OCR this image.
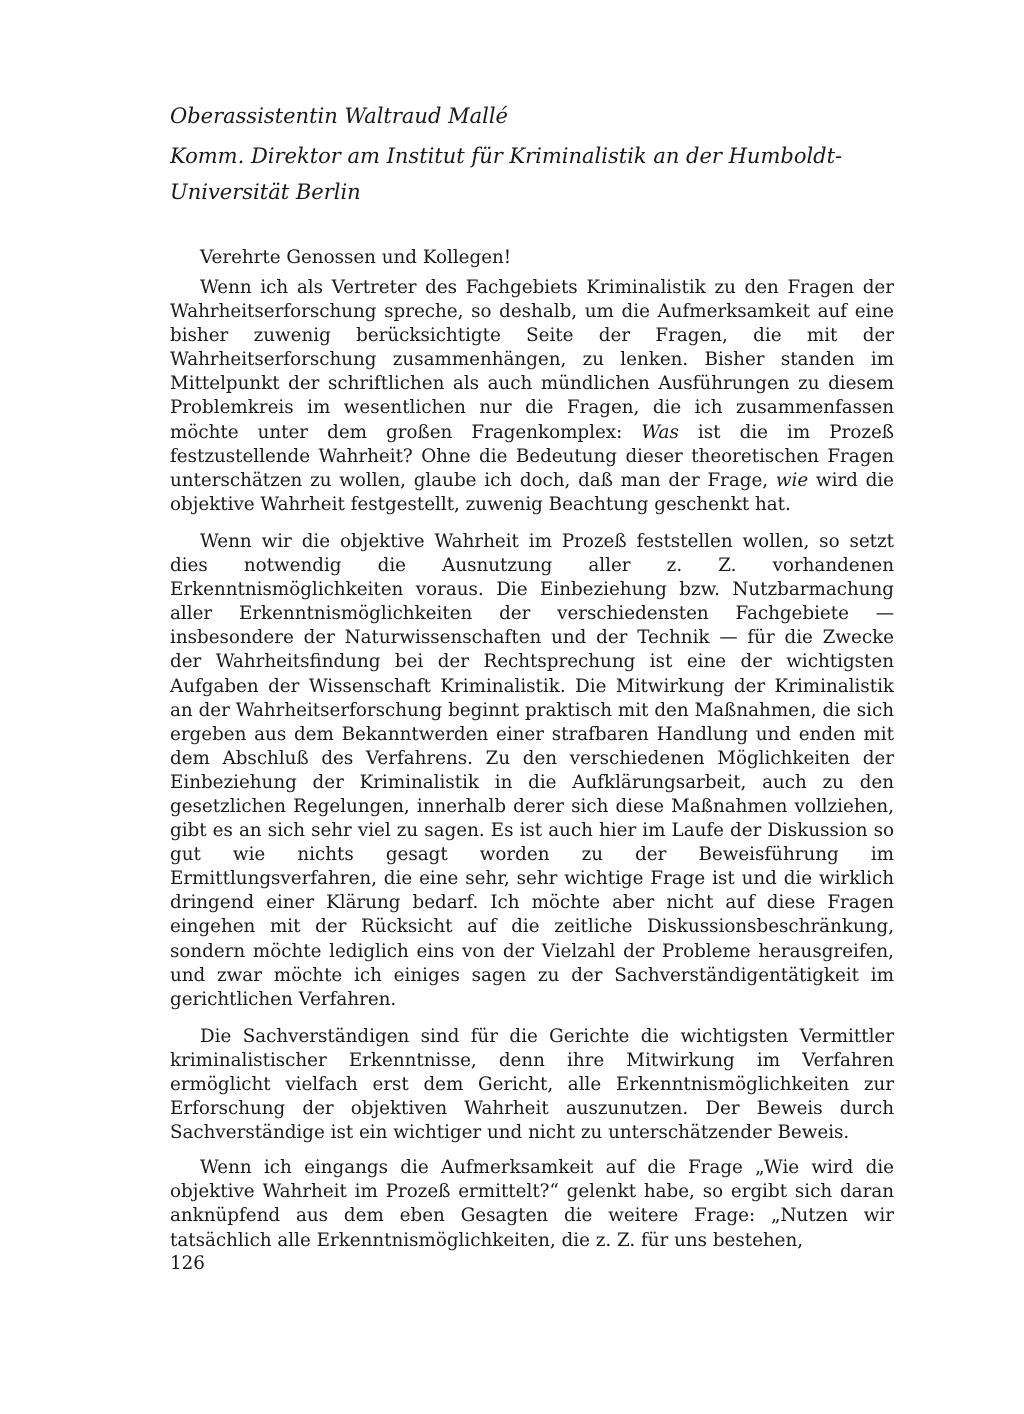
Oberassistentin Waltraud Mallé

Komm. Direktor am Institut für Kriminalistik an der Humboldt-Universität Berlin

Verehrte Genossen und Kollegen!

Wenn ich als Vertreter des Fachgebiets Kriminalistik zu den Fragen der Wahrheitserforschung spreche, so deshalb, um die Aufmerksamkeit auf eine bisher zuwenig berücksichtigte Seite der Fragen, die mit der Wahrheitserforschung zusammenhängen, zu lenken. Bisher standen im Mittelpunkt der schriftlichen als auch mündlichen Ausführungen zu diesem Problemkreis im wesentlichen nur die Fragen, die ich zusammenfassen möchte unter dem großen Fragenkomplex: Was ist die im Prozeß festzustellende Wahrheit? Ohne die Bedeutung dieser theoretischen Fragen unterschätzen zu wollen, glaube ich doch, daß man der Frage, wie wird die objektive Wahrheit festgestellt, zuwenig Beachtung geschenkt hat.

Wenn wir die objektive Wahrheit im Prozeß feststellen wollen, so setzt dies notwendig die Ausnutzung aller z. Z. vorhandenen Erkenntnismöglichkeiten voraus. Die Einbeziehung bzw. Nutzbarmachung aller Erkenntnismöglichkeiten der verschiedensten Fachgebiete — insbesondere der Naturwissenschaften und der Technik — für die Zwecke der Wahrheitsfindung bei der Rechtsprechung ist eine der wichtigsten Aufgaben der Wissenschaft Kriminalistik. Die Mitwirkung der Kriminalistik an der Wahrheitserforschung beginnt praktisch mit den Maßnahmen, die sich ergeben aus dem Bekanntwerden einer strafbaren Handlung und enden mit dem Abschluß des Verfahrens. Zu den verschiedenen Möglichkeiten der Einbeziehung der Kriminalistik in die Aufklärungsarbeit, auch zu den gesetzlichen Regelungen, innerhalb derer sich diese Maßnahmen vollziehen, gibt es an sich sehr viel zu sagen. Es ist auch hier im Laufe der Diskussion so gut wie nichts gesagt worden zu der Beweisführung im Ermittlungsverfahren, die eine sehr, sehr wichtige Frage ist und die wirklich dringend einer Klärung bedarf. Ich möchte aber nicht auf diese Fragen eingehen mit der Rücksicht auf die zeitliche Diskussionsbeschränkung, sondern möchte lediglich eins von der Vielzahl der Probleme herausgreifen, und zwar möchte ich einiges sagen zu der Sachverständigentätigkeit im gerichtlichen Verfahren.

Die Sachverständigen sind für die Gerichte die wichtigsten Vermittler kriminalistischer Erkenntnisse, denn ihre Mitwirkung im Verfahren ermöglicht vielfach erst dem Gericht, alle Erkenntnismöglichkeiten zur Erforschung der objektiven Wahrheit auszunutzen. Der Beweis durch Sachverständige ist ein wichtiger und nicht zu unterschätzender Beweis.

Wenn ich eingangs die Aufmerksamkeit auf die Frage „Wie wird die objektive Wahrheit im Prozeß ermittelt?“ gelenkt habe, so ergibt sich daran anknüpfend aus dem eben Gesagten die weitere Frage: „Nutzen wir tatsächlich alle Erkenntnismöglichkeiten, die z. Z. für uns bestehen,

126
